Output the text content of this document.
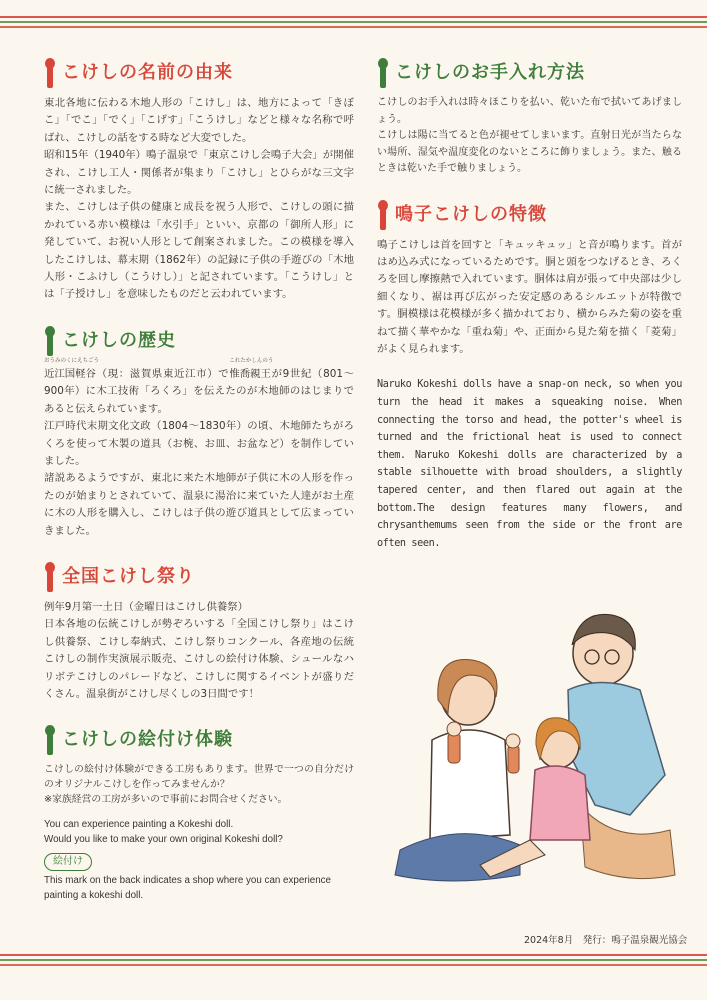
こけしの名前の由来

東北各地に伝わる木地人形の「こけし」は、地方によって「きぼこ」「でこ」「でく」「こげす」「こうけし」などと様々な名称で呼ばれ、こけしの話をする時など大変でした。

昭和15年（1940年）鳴子温泉で「東京こけし会鳴子大会」が開催され、こけし工人・関係者が集まり「こけし」とひらがな三文字に統一されました。

また、こけしは子供の健康と成長を祝う人形で、こけしの頭に描かれている赤い模様は「水引手」といい、京都の「御所人形」に発していて、お祝い人形として創案されました。この模様を導入したこけしは、幕末期（1862年）の記録に子供の手遊びの「木地人形・こふけし（こうけし）」と記されています。「こうけし」とは「子授けし」を意味したものだと云われています。

こけしの歴史

おうみのくにえちごう
近江国軽谷（現：滋賀県東近江市）で
これたかしんのう
惟喬親王が9世紀（801～900年）に木工技術「ろくろ」を伝えたのが木地師のはじまりであると伝えられています。

江戸時代末期文化文政（1804～1830年）の頃、木地師たちがろくろを使って木製の道具（お椀、お皿、お盆など）を制作していました。

諸説あるようですが、東北に来た木地師が子供に木の人形を作ったのが始まりとされていて、温泉に湯治に来ていた人達がお土産に木の人形を購入し、こけしは子供の遊び道具として広まっていきました。

全国こけし祭り

例年9月第一土日（金曜日はこけし供養祭）

日本各地の伝統こけしが勢ぞろいする「全国こけし祭り」はこけし供養祭、こけし奉納式、こけし祭りコンクール、各産地の伝統こけしの制作実演展示販売、こけしの絵付け体験、シュールなハリボテこけしのパレードなど、こけしに関するイベントが盛りだくさん。温泉街がこけし尽くしの3日間です！

こけしの絵付け体験

こけしの絵付け体験ができる工房もあります。世界で一つの自分だけのオリジナルこけしを作ってみませんか？

※家族経営の工房が多いので事前にお問合せください。

You can experience painting a Kokeshi doll.

Would you like to make your own original Kokeshi doll?

絵付け

This mark on the back indicates a shop where you can experience painting a kokeshi doll.

こけしのお手入れ方法

こけしのお手入れは時々ほこりを払い、乾いた布で拭いてあげましょう。

こけしは陽に当てると色が褪せてしまいます。直射日光が当たらない場所、湿気や温度変化のないところに飾りましょう。また、触るときは乾いた手で触りましょう。

鳴子こけしの特徴

鳴子こけしは首を回すと「キュッキュッ」と音が鳴ります。首がはめ込み式になっているためです。胴と頭をつなげるとき、ろくろを回し摩擦熱で入れています。胴体は肩が張って中央部は少し細くなり、裾は再び広がった安定感のあるシルエットが特徴です。胴模様は花模様が多く描かれており、横からみた菊の姿を重ねて描く華やかな「重ね菊」や、正面から見た菊を描く「菱菊」がよく見られます。

Naruko Kokeshi dolls have a snap-on neck, so when you turn the head it makes a squeaking noise. When connecting the torso and head, the potter's wheel is turned and the frictional heat is used to connect them. Naruko Kokeshi dolls are characterized by a stable silhouette with broad shoulders, a slightly tapered center, and then flared out again at the bottom.The design features many flowers, and chrysanthemums seen from the side or the front are often seen.

2024年8月　発行：鳴子温泉観光協会
